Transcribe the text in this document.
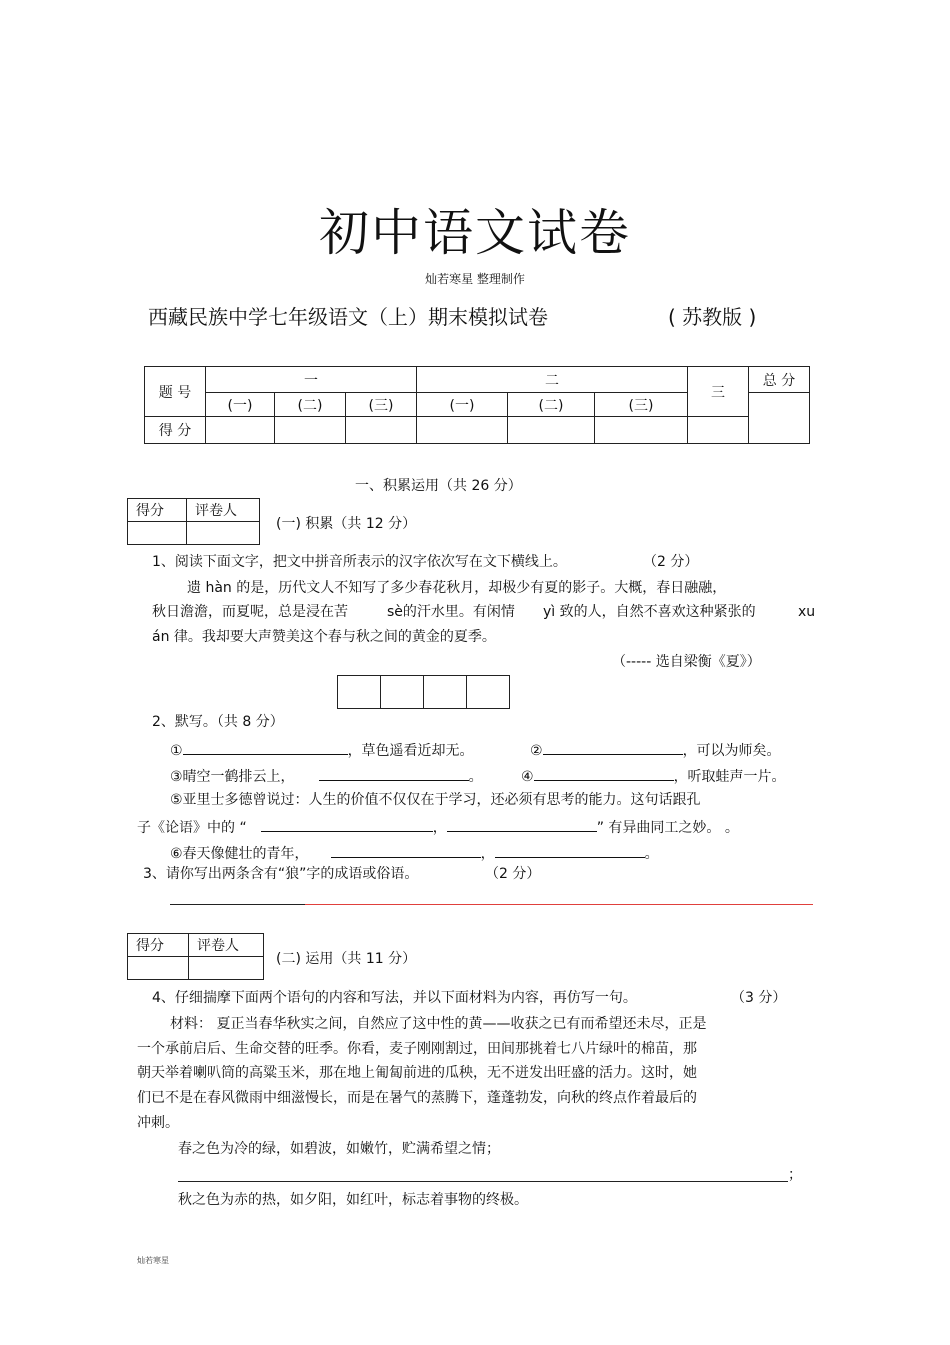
初中语文试卷
灿若寒星 整理制作
西藏民族中学七年级语文（上）期末模拟试卷	( 苏教版 )
题 号	一			二			三	总 分
	(一)	(二)	(三)	(一)	(二)	(三)		
得 分								
一、积累运用（共 26 分）
得分	评卷人

(一) 积累（共 12 分）
1、阅读下面文字，把文中拼音所表示的汉字依次写在文下横线上。	（2 分）
遗 hàn 的是，历代文人不知写了多少春花秋月，却极少有夏的影子。大概，春日融融，
秋日澹澹，而夏呢，总是浸在苦	sè的汗水里。有闲情 yì 致的人，自然不喜欢这种紧张的	xu
án 律。我却要大声赞美这个春与秋之间的黄金的夏季。
（----- 选自梁衡《夏》）
2、默写。（共 8 分）
①	，草色遥看近却无。	②	，可以为师矣。
③晴空一鹤排云上，	。	④	，听取蛙声一片。
⑤亚里士多德曾说过：人生的价值不仅仅在于学习，还必须有思考的能力。这句话跟孔
子《论语》中的 “	，	” 有异曲同工之妙。 。
⑥春天像健壮的青年，	，	。
3、请你写出两条含有“狼”字的成语或俗语。	（2 分）
得分	评卷人

(二) 运用（共 11 分）
4、仔细揣摩下面两个语句的内容和写法，并以下面材料为内容，再仿写一句。	（3 分）
材料： 夏正当春华秋实之间，自然应了这中性的黄——收获之已有而希望还未尽，正是
一个承前启后、生命交替的旺季。你看，麦子刚刚割过，田间那挑着七八片绿叶的棉苗，那
朝天举着喇叭筒的高粱玉米，那在地上匍匐前进的瓜秧，无不迸发出旺盛的活力。这时，她
们已不是在春风微雨中细滋慢长，而是在暑气的蒸腾下，蓬蓬勃发，向秋的终点作着最后的
冲刺。
春之色为冷的绿，如碧波，如嫩竹，贮满希望之情；
；
秋之色为赤的热，如夕阳，如红叶，标志着事物的终极。
灿若寒星
